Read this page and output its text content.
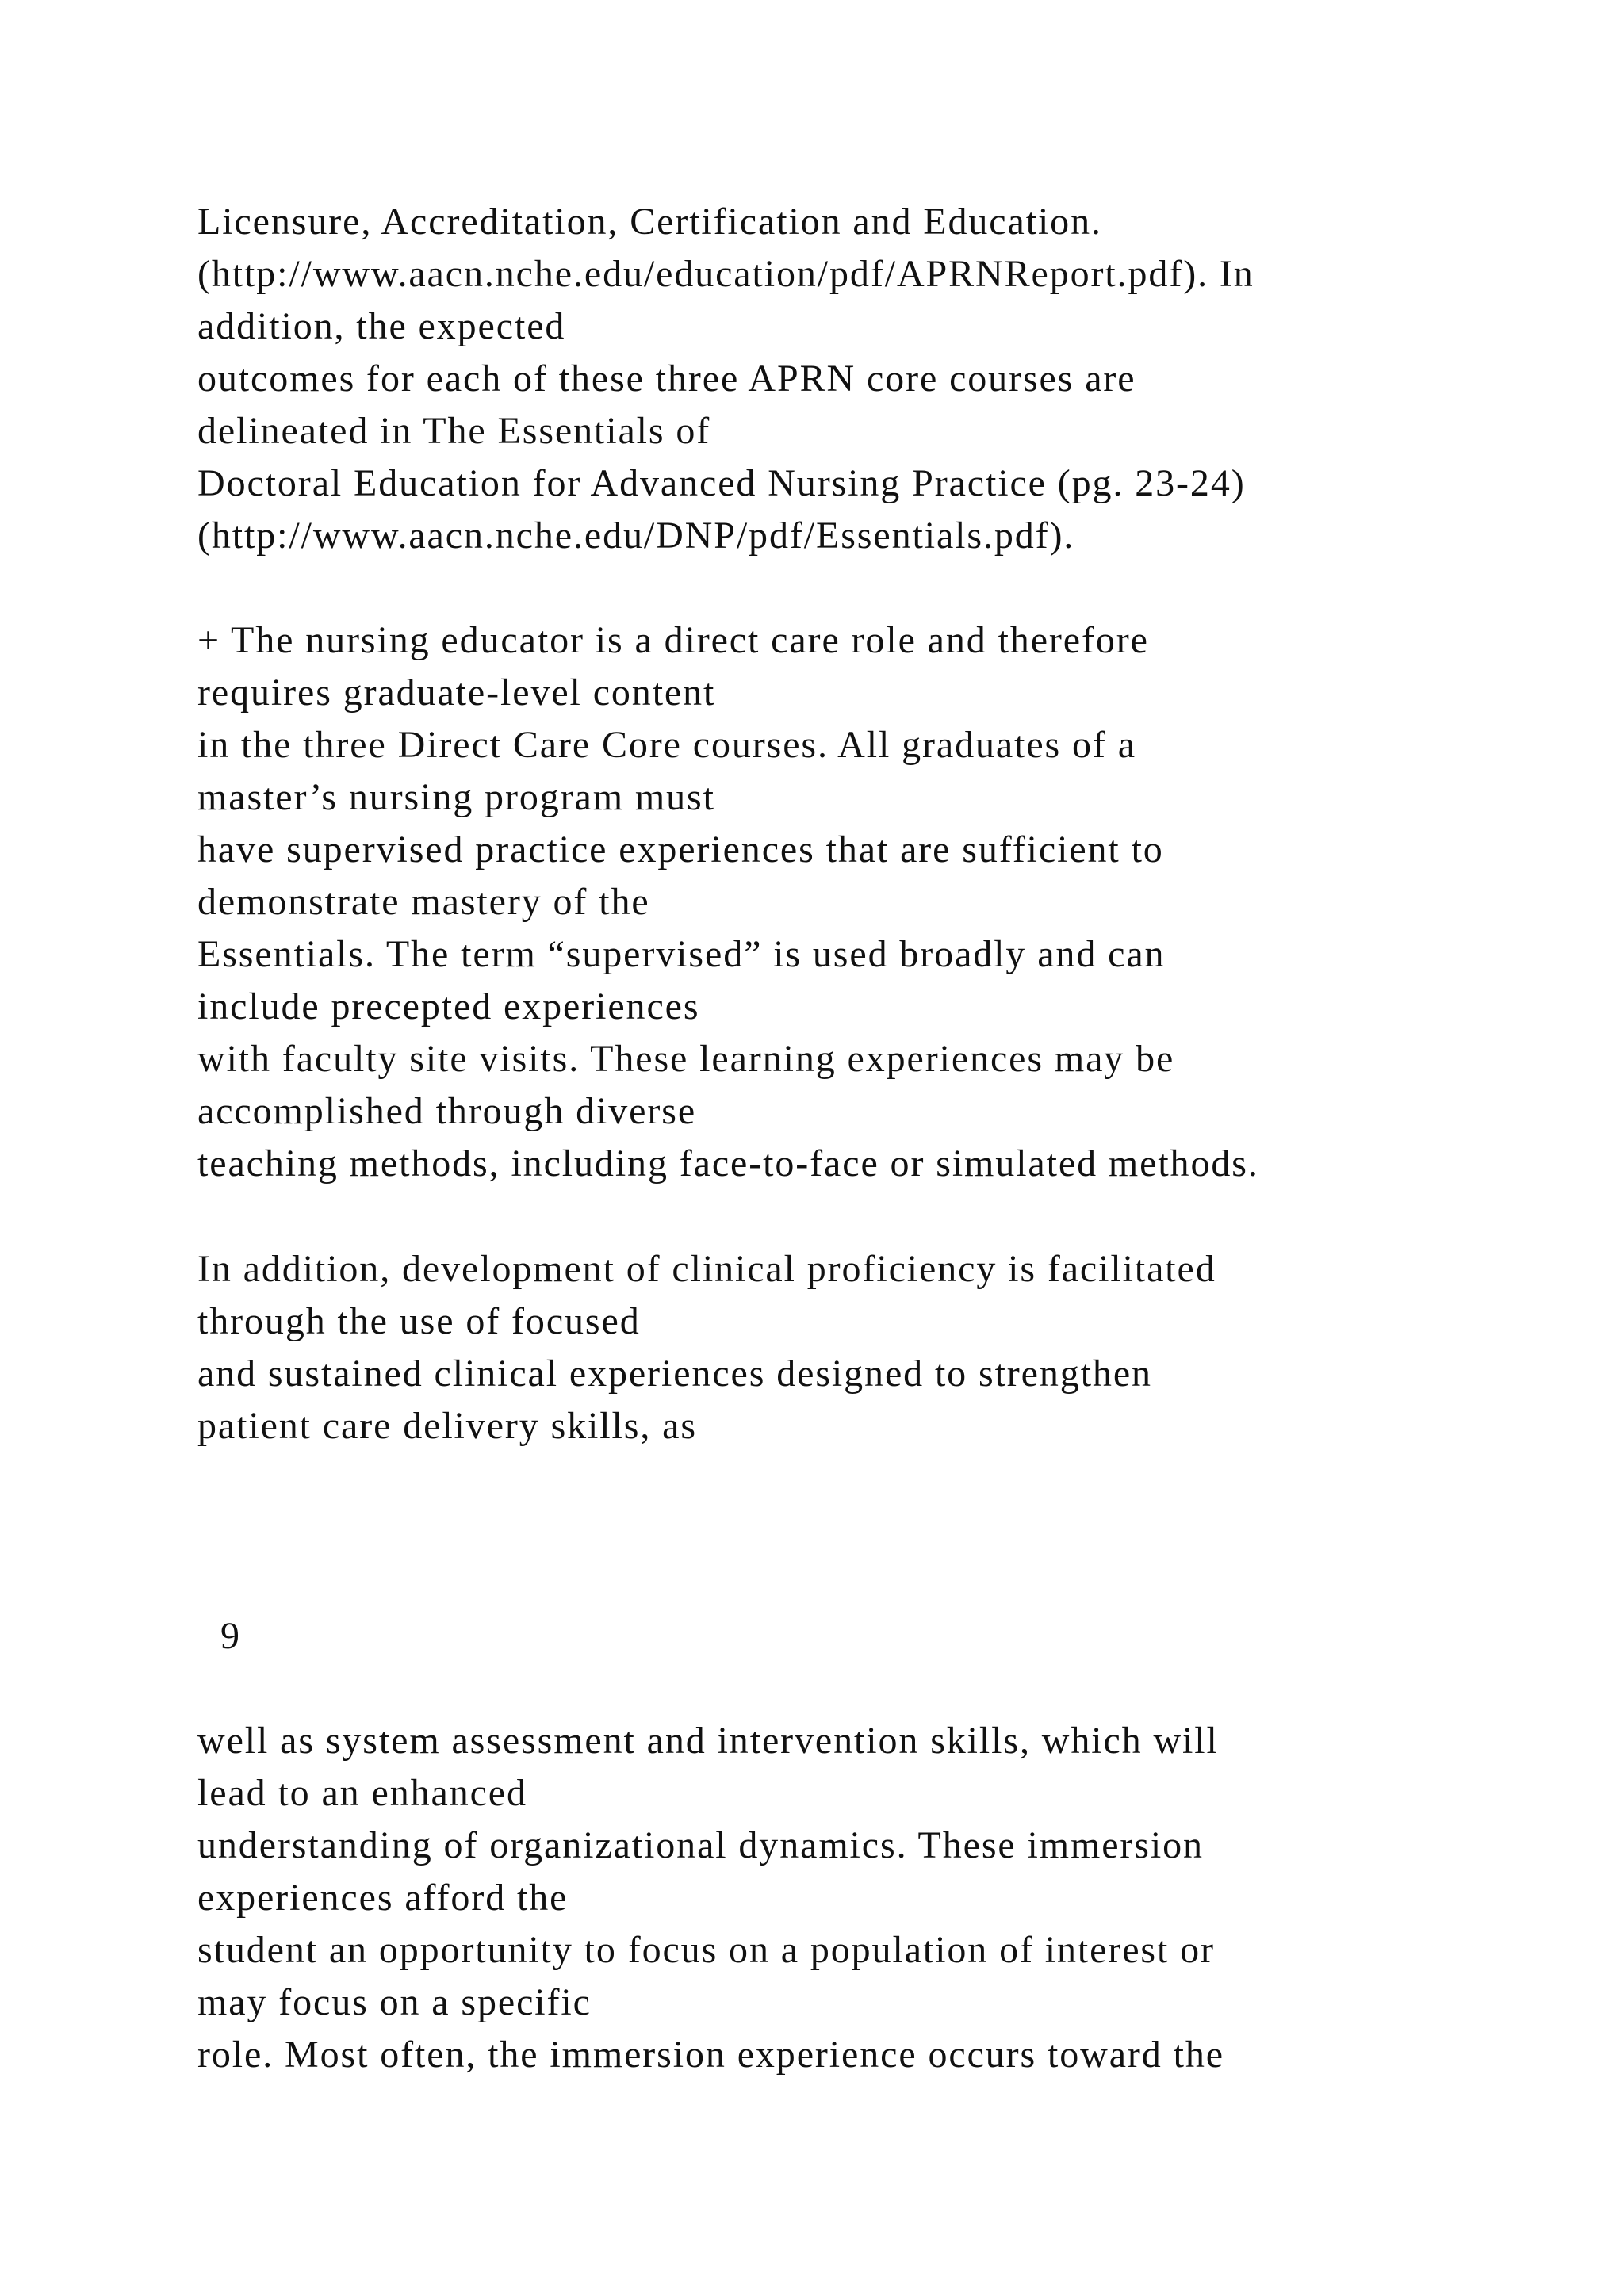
Licensure, Accreditation, Certification and Education.
(http://www.aacn.nche.edu/education/pdf/APRNReport.pdf). In
addition, the expected
outcomes for each of these three APRN core courses are
delineated in The Essentials of
Doctoral Education for Advanced Nursing Practice (pg. 23-24)
(http://www.aacn.nche.edu/DNP/pdf/Essentials.pdf).
+ The nursing educator is a direct care role and therefore
requires graduate-level content
in the three Direct Care Core courses. All graduates of a
master’s nursing program must
have supervised practice experiences that are sufficient to
demonstrate mastery of the
Essentials. The term “supervised” is used broadly and can
include precepted experiences
with faculty site visits. These learning experiences may be
accomplished through diverse
teaching methods, including face-to-face or simulated methods.
In addition, development of clinical proficiency is facilitated
through the use of focused
and sustained clinical experiences designed to strengthen
patient care delivery skills, as
9
well as system assessment and intervention skills, which will
lead to an enhanced
understanding of organizational dynamics. These immersion
experiences afford the
student an opportunity to focus on a population of interest or
may focus on a specific
role. Most often, the immersion experience occurs toward the
